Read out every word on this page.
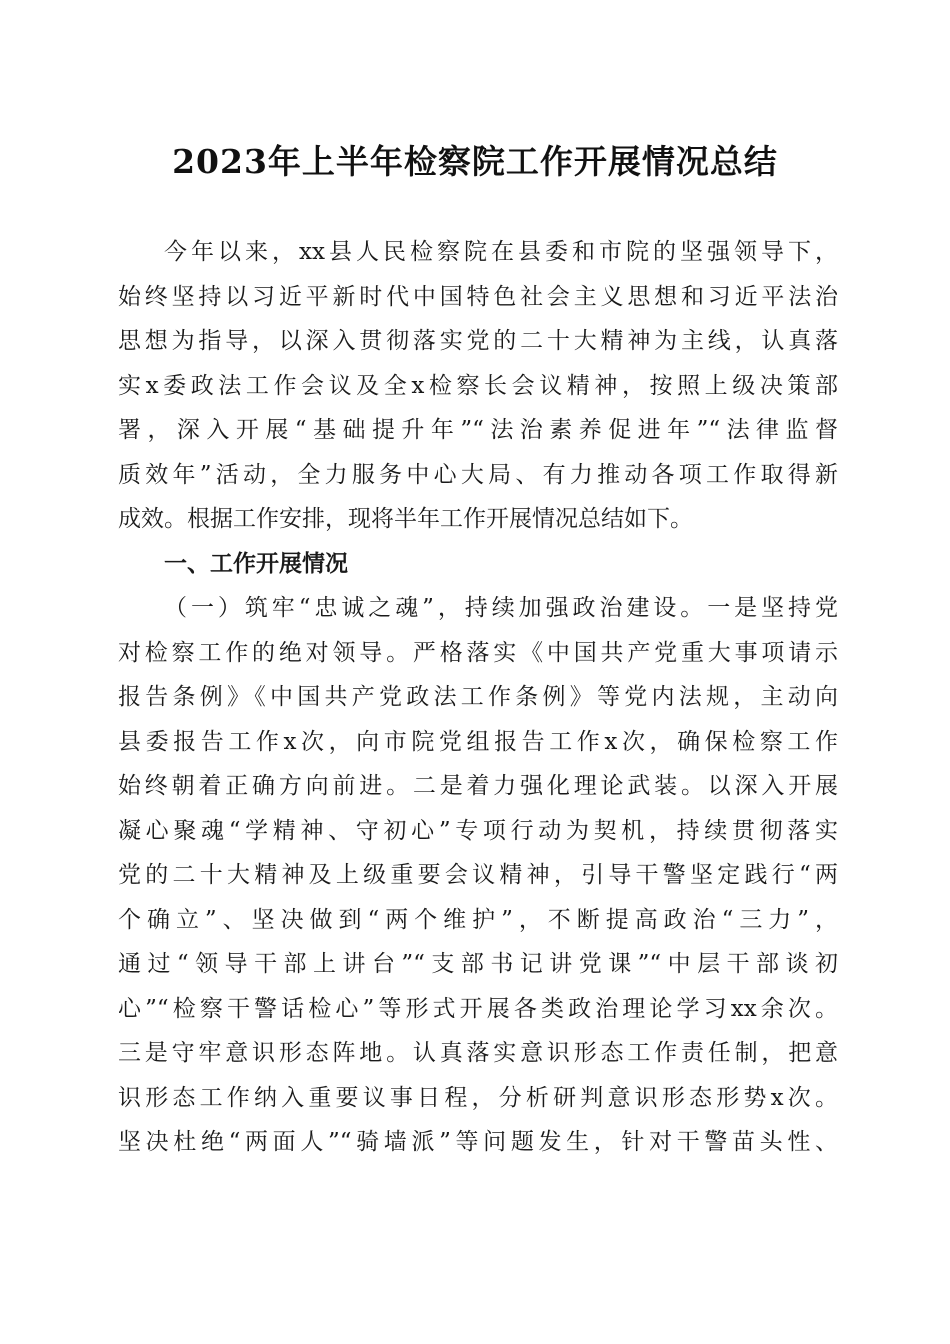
2023年上半年检察院工作开展情况总结
今年以来，xx县人民检察院在县委和市院的坚强领导下，
始终坚持以习近平新时代中国特色社会主义思想和习近平法治
思想为指导，以深入贯彻落实党的二十大精神为主线，认真落
实x委政法工作会议及全x检察长会议精神，按照上级决策部
署，深入开展“基础提升年”“法治素养促进年”“法律监督
质效年”活动，全力服务中心大局、有力推动各项工作取得新
成效。根据工作安排，现将半年工作开展情况总结如下。
一、工作开展情况
（一）筑牢“忠诚之魂”，持续加强政治建设。一是坚持党
对检察工作的绝对领导。严格落实《中国共产党重大事项请示
报告条例》《中国共产党政法工作条例》等党内法规，主动向
县委报告工作x次，向市院党组报告工作x次，确保检察工作
始终朝着正确方向前进。二是着力强化理论武装。以深入开展
凝心聚魂“学精神、守初心”专项行动为契机，持续贯彻落实
党的二十大精神及上级重要会议精神，引导干警坚定践行“两
个确立”、坚决做到“两个维护”，不断提高政治“三力”，
通过“领导干部上讲台”“支部书记讲党课”“中层干部谈初
心”“检察干警话检心”等形式开展各类政治理论学习xx余次。
三是守牢意识形态阵地。认真落实意识形态工作责任制，把意
识形态工作纳入重要议事日程，分析研判意识形态形势x次。
坚决杜绝“两面人”“骑墙派”等问题发生，针对干警苗头性、
